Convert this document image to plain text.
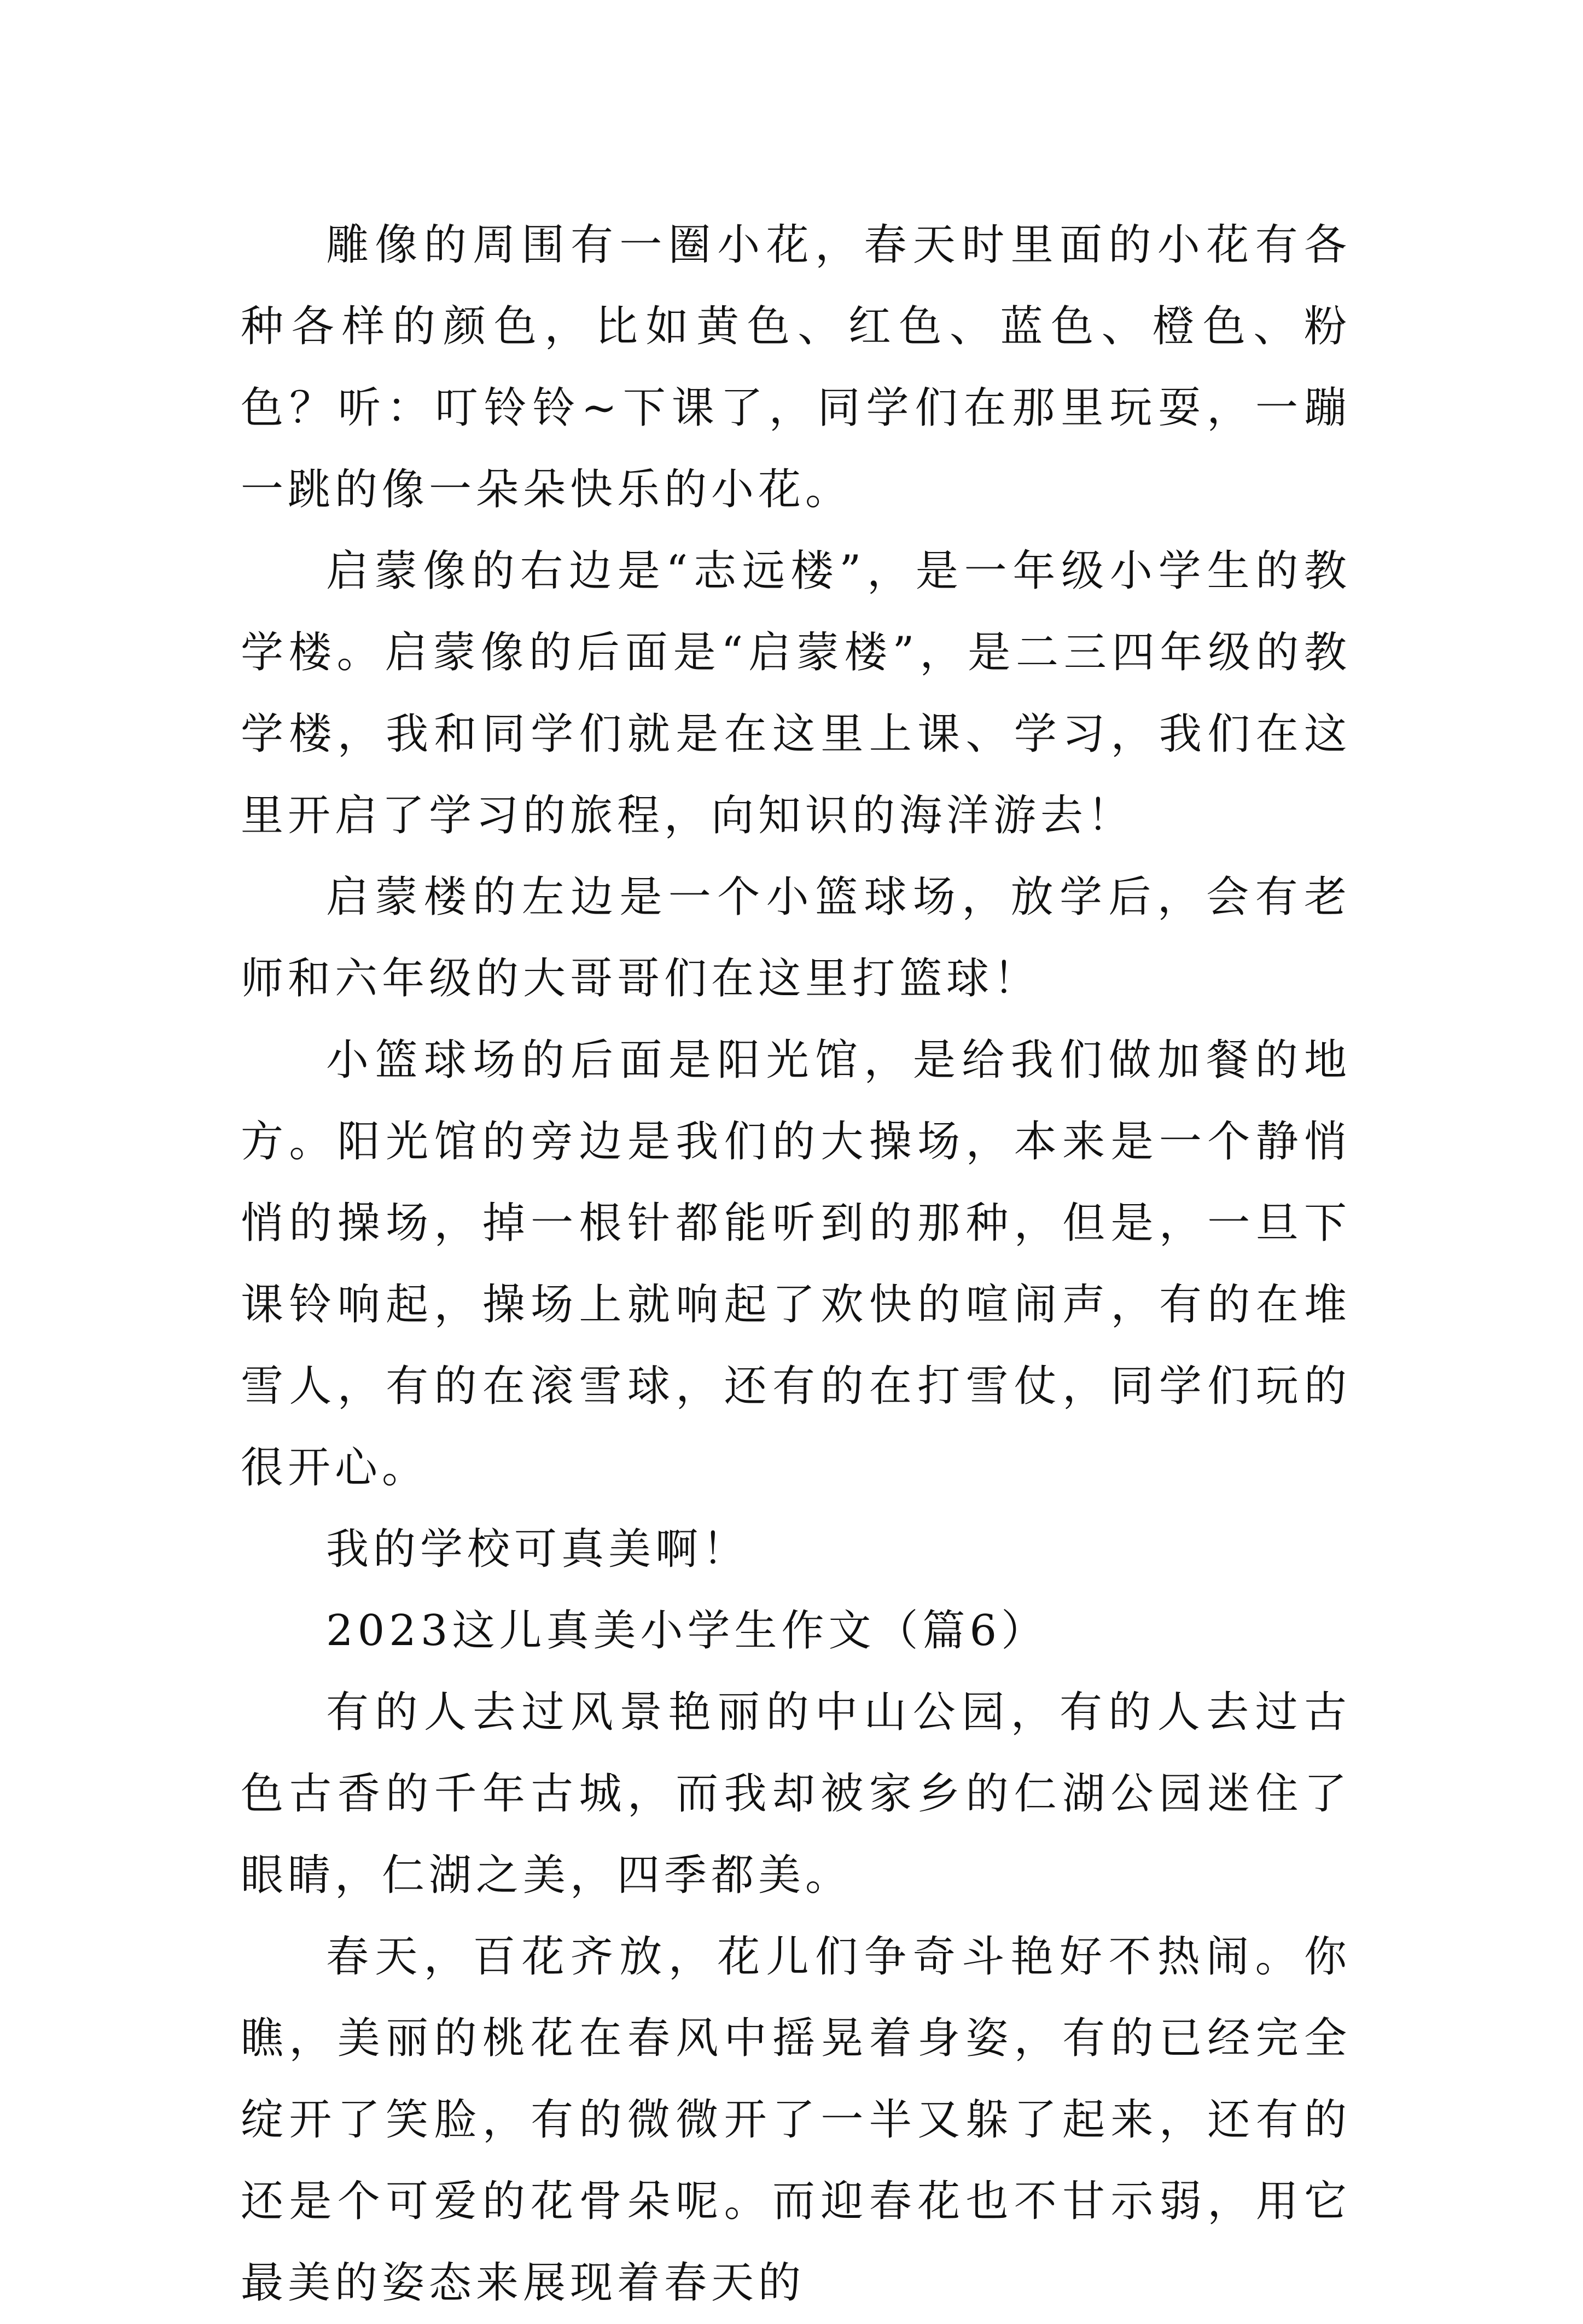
雕像的周围有一圈小花，春天时里面的小花有各种各样的颜色，比如黄色、红色、蓝色、橙色、粉色？听：叮铃铃~下课了，同学们在那里玩耍，一蹦一跳的像一朵朵快乐的小花。

启蒙像的右边是“志远楼”，是一年级小学生的教学楼。启蒙像的后面是“启蒙楼”，是二三四年级的教学楼，我和同学们就是在这里上课、学习，我们在这里开启了学习的旅程，向知识的海洋游去！

启蒙楼的左边是一个小篮球场，放学后，会有老师和六年级的大哥哥们在这里打篮球！

小篮球场的后面是阳光馆，是给我们做加餐的地方。阳光馆的旁边是我们的大操场，本来是一个静悄悄的操场，掉一根针都能听到的那种，但是，一旦下课铃响起，操场上就响起了欢快的喧闹声，有的在堆雪人，有的在滚雪球，还有的在打雪仗，同学们玩的很开心。

我的学校可真美啊！

2023这儿真美小学生作文（篇6）

有的人去过风景艳丽的中山公园，有的人去过古色古香的千年古城，而我却被家乡的仁湖公园迷住了眼睛，仁湖之美，四季都美。

春天，百花齐放，花儿们争奇斗艳好不热闹。你瞧，美丽的桃花在春风中摇晃着身姿，有的已经完全绽开了笑脸，有的微微开了一半又躲了起来，还有的还是个可爱的花骨朵呢。而迎春花也不甘示弱，用它最美的姿态来展现着春天的
